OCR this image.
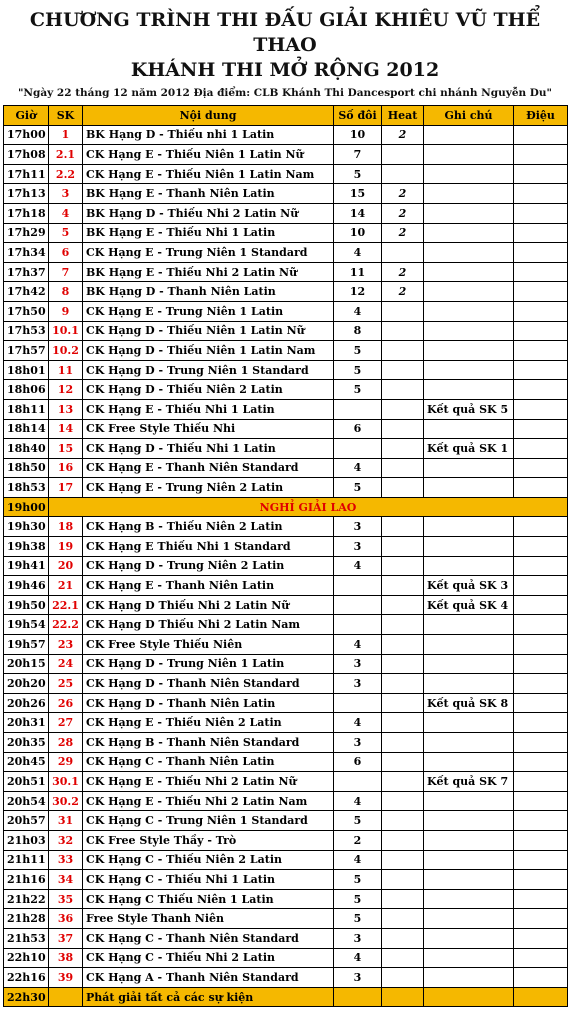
CHƯƠNG TRÌNH THI ĐẤU GIẢI KHIÊU VŨ THỂ THAO
KHÁNH THI MỞ RỘNG 2012
"Ngày 22 tháng 12 năm 2012 Địa điểm: CLB Khánh Thi Dancesport chi nhánh Nguyễn Du"
Giờ	SK	Nội dung	Số đôi	Heat	Ghi chú	Điệu
17h00	1	BK Hạng D - Thiếu nhi 1 Latin	10	2		
17h08	2.1	CK Hạng E - Thiếu Niên 1 Latin Nữ	7			
17h11	2.2	CK Hạng E - Thiếu Niên 1 Latin Nam	5			
17h13	3	BK Hạng E - Thanh Niên Latin	15	2		
17h18	4	BK Hạng D - Thiếu Nhi 2 Latin Nữ	14	2		
17h29	5	BK Hạng E - Thiếu Nhi 1 Latin	10	2		
17h34	6	CK Hạng E - Trung Niên 1 Standard	4			
17h37	7	BK Hạng E - Thiếu Nhi 2 Latin Nữ	11	2		
17h42	8	BK Hạng D - Thanh Niên Latin	12	2		
17h50	9	CK Hạng E - Trung Niên 1 Latin	4			
17h53	10.1	CK Hạng D - Thiếu Niên 1 Latin Nữ	8			
17h57	10.2	CK Hạng D - Thiếu Niên 1 Latin Nam	5			
18h01	11	CK Hạng D - Trung Niên 1 Standard	5			
18h06	12	CK Hạng D - Thiếu Niên 2 Latin	5			
18h11	13	CK Hạng E - Thiếu Nhi 1 Latin			Kết quả SK 5	
18h14	14	CK Free Style Thiếu Nhi	6			
18h40	15	CK Hạng D - Thiếu Nhi 1 Latin			Kết quả SK 1	
18h50	16	CK Hạng E - Thanh Niên Standard	4			
18h53	17	CK Hạng E - Trung Niên 2 Latin	5			
19h00	NGHỈ GIẢI LAO					
19h30	18	CK Hạng B - Thiếu Niên 2 Latin	3			
19h38	19	CK Hạng E Thiếu Nhi 1 Standard	3			
19h41	20	CK Hạng D - Trung Niên 2 Latin	4			
19h46	21	CK Hạng E - Thanh Niên Latin			Kết quả SK 3	
19h50	22.1	CK Hạng D Thiếu Nhi 2 Latin Nữ			Kết quả SK 4	
19h54	22.2	CK Hạng D Thiếu Nhi 2 Latin Nam				
19h57	23	CK Free Style Thiếu Niên	4			
20h15	24	CK Hạng D - Trung Niên 1 Latin	3			
20h20	25	CK Hạng D - Thanh Niên Standard	3			
20h26	26	CK Hạng D - Thanh Niên Latin			Kết quả SK 8	
20h31	27	CK Hạng E - Thiếu Niên 2 Latin	4			
20h35	28	CK Hạng B - Thanh Niên Standard	3			
20h45	29	CK Hạng C - Thanh Niên Latin	6			
20h51	30.1	CK Hạng E - Thiếu Nhi 2 Latin Nữ			Kết quả SK 7	
20h54	30.2	CK Hạng E - Thiếu Nhi 2 Latin Nam	4			
20h57	31	CK Hạng C - Trung Niên 1 Standard	5			
21h03	32	CK Free Style Thầy - Trò	2			
21h11	33	CK Hạng C - Thiếu Niên 2 Latin	4			
21h16	34	CK Hạng C - Thiếu Nhi 1 Latin	5			
21h22	35	CK Hạng C Thiếu Niên 1 Latin	5			
21h28	36	Free Style Thanh Niên	5			
21h53	37	CK Hạng C - Thanh Niên Standard	3			
22h10	38	CK Hạng C - Thiếu Nhi 2 Latin	4			
22h16	39	CK Hạng A - Thanh Niên Standard	3			
22h30		Phát giải tất cả các sự kiện				
